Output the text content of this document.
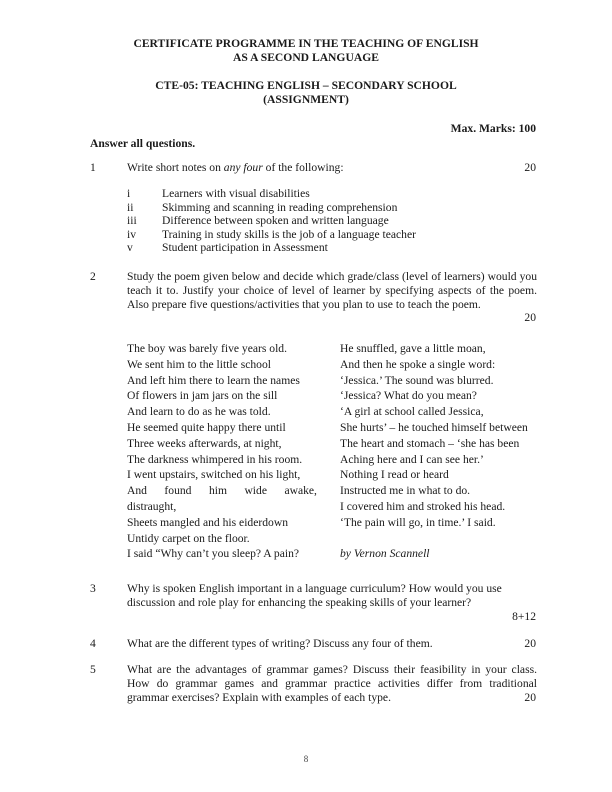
CERTIFICATE PROGRAMME IN THE TEACHING OF ENGLISH
AS A SECOND LANGUAGE
CTE-05: TEACHING ENGLISH – SECONDARY SCHOOL
(ASSIGNMENT)
Max. Marks: 100
Answer all questions.
1	Write short notes on any four of the following:	20
i	Learners with visual disabilities
ii Skimming and scanning in reading comprehension
iii Difference between spoken and written language
iv Training in study skills is the job of a language teacher
v	Student participation in Assessment
2	Study the poem given below and decide which grade/class (level of learners) would you teach it to. Justify your choice of level of learner by specifying aspects of the poem. Also prepare five questions/activities that you plan to use to teach the poem.
20
The boy was barely five years old.
We sent him to the little school
And left him there to learn the names
Of flowers in jam jars on the sill
And learn to do as he was told.
He seemed quite happy there until
Three weeks afterwards, at night,
The darkness whimpered in his room.
I went upstairs, switched on his light,
And found him wide awake,
distraught,
Sheets mangled and his eiderdown
Untidy carpet on the floor.
I said “Why can’t you sleep? A pain?
He snuffled, gave a little moan,
And then he spoke a single word:
‘Jessica.’ The sound was blurred.
‘Jessica? What do you mean?
‘A girl at school called Jessica,
She hurts’ – he touched himself between
The heart and stomach – ‘she has been
Aching here and I can see her.’
Nothing I read or heard
Instructed me in what to do.
I covered him and stroked his head.
‘The pain will go, in time.’ I said.
by Vernon Scannell
3	Why is spoken English important in a language curriculum? How would you use discussion and role play for enhancing the speaking skills of your learner?
8+12
4	What are the different types of writing? Discuss any four of them.	20
5	What are the advantages of grammar games? Discuss their feasibility in your class. How do grammar games and grammar practice activities differ from traditional grammar exercises? Explain with examples of each type.	20
8
